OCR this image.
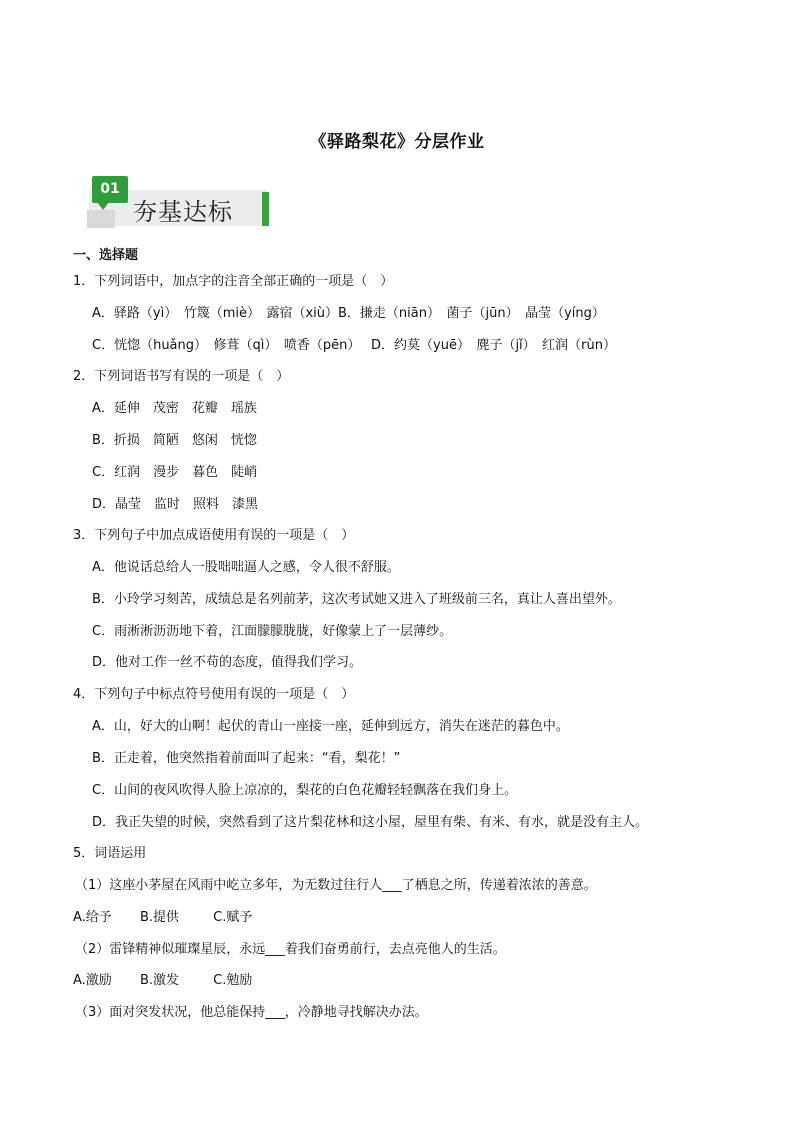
《驿路梨花》分层作业
01
夯基达标
一、选择题
1．下列词语中，加点字的注音全部正确的一项是（　）
A．驿路（yì）　竹篾（miè）　露宿（xiù）B．搛走（niān）　菌子（jūn）　晶莹（yíng）
C．恍惚（huǎng）　修葺（qì）　喷香（pēn）　 D．约莫（yuē）　麂子（jǐ）　红润（rùn）
2．下列词语书写有误的一项是（　）
A．延伸　茂密　花瓣　瑶族
B．折损　简陋　悠闲　恍惚
C．红润　漫步　暮色　陡峭
D．晶莹　监时　照料　漆黑
3．下列句子中加点成语使用有误的一项是（　）
A．他说话总给人一股咄咄逼人之感，令人很不舒服。
B．小玲学习刻苦，成绩总是名列前茅，这次考试她又进入了班级前三名，真让人喜出望外。
C．雨淅淅沥沥地下着，江面朦朦胧胧，好像蒙上了一层薄纱。
D．他对工作一丝不苟的态度，值得我们学习。
4．下列句子中标点符号使用有误的一项是（　）
A．山，好大的山啊！起伏的青山一座接一座，延伸到远方，消失在迷茫的暮色中。
B．正走着，他突然指着前面叫了起来：“看，梨花！”
C．山间的夜风吹得人脸上凉凉的，梨花的白色花瓣轻轻飘落在我们身上。
D．我正失望的时候，突然看到了这片梨花林和这小屋，屋里有柴、有米、有水，就是没有主人。
5．词语运用
（1）这座小茅屋在风雨中屹立多年，为无数过往行人___了栖息之所，传递着浓浓的善意。
A.给予 B.提供	C.赋予
（2）雷锋精神似璀璨星辰，永远___着我们奋勇前行，去点亮他人的生活。
A.激励 B.激发	C.勉励
（3）面对突发状况，他总能保持___，冷静地寻找解决办法。
